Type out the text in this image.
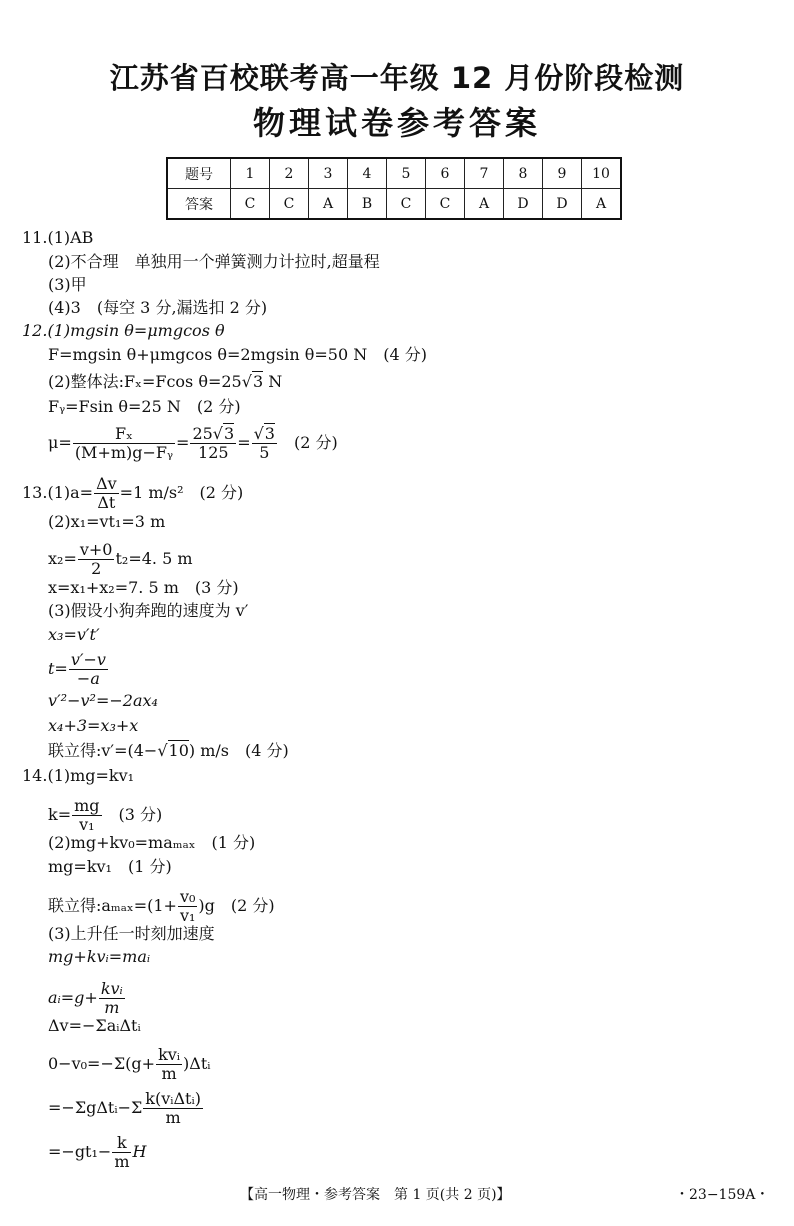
江苏省百校联考高一年级 12 月份阶段检测
物理试卷参考答案
题号	1	2	3	4	5	6	7	8	9	10
答案	C	C	A	B	C	C	A	D	D	A
11.(1)AB
(2)不合理　单独用一个弹簧测力计拉时,超量程
(3)甲
(4)3　(每空 3 分,漏选扣 2 分)
12.(1)mgsin θ=μmgcos θ
F=mgsin θ+μmgcos θ=2mgsin θ=50 N　(4 分)
(2)整体法:Fₓ=Fcos θ=25√3 N
Fᵧ=Fsin θ=25 N　(2 分)
$\mu= \frac{\text{Fₓ}}{\text{(M+m)g−Fᵧ}} = \frac{25√3}{125} = \frac{√3}{5}$
　 (2 分)
$13.(1)a= \frac{\Delta v}{\Delta t} =1$ m/s²　(2 分)
(2)x₁=vt₁=3 m
$x_2= \frac{v+0}{2} t_2=4$. 5 m
x=x₁+x₂=7. 5 m　(3 分)
(3)假设小狗奔跑的速度为 v′
x₃=v′t′
$t= \frac{v'-v}{-a}$
v′²−v²=−2ax₄
x₄+3=x₃+x
联立得:v′=(4−√10) m/s　(4 分)
14.(1)mg=kv₁
$k= \frac{mg}{\text{v₁}}$ 　(3 分)
(2)mg+kv₀=maₘₐₓ　(1 分)
mg=kv₁　(1 分)
联立得:aₘₐₓ=(1+ $\frac{\text{v₀}}{\text{v₁}} )g$　(2 分)
(3)上升任一时刻加速度
mg+kvᵢ=maᵢ
aᵢ=g+ $\frac{\text{kvᵢ}}{m}$
Δv=−ΣaᵢΔtᵢ
$0-v_0=-\Sigma(g+ \frac{\text{kvᵢ}}{m}$ )Δtᵢ
=−ΣgΔtᵢ−Σ $\frac{\text{k(vᵢΔtᵢ)}}{m}$
$=-gt_1- \frac{k}{m}$ H
【高一物理・参考答案　第 1 页(共 2 页)】	・23−159A・
